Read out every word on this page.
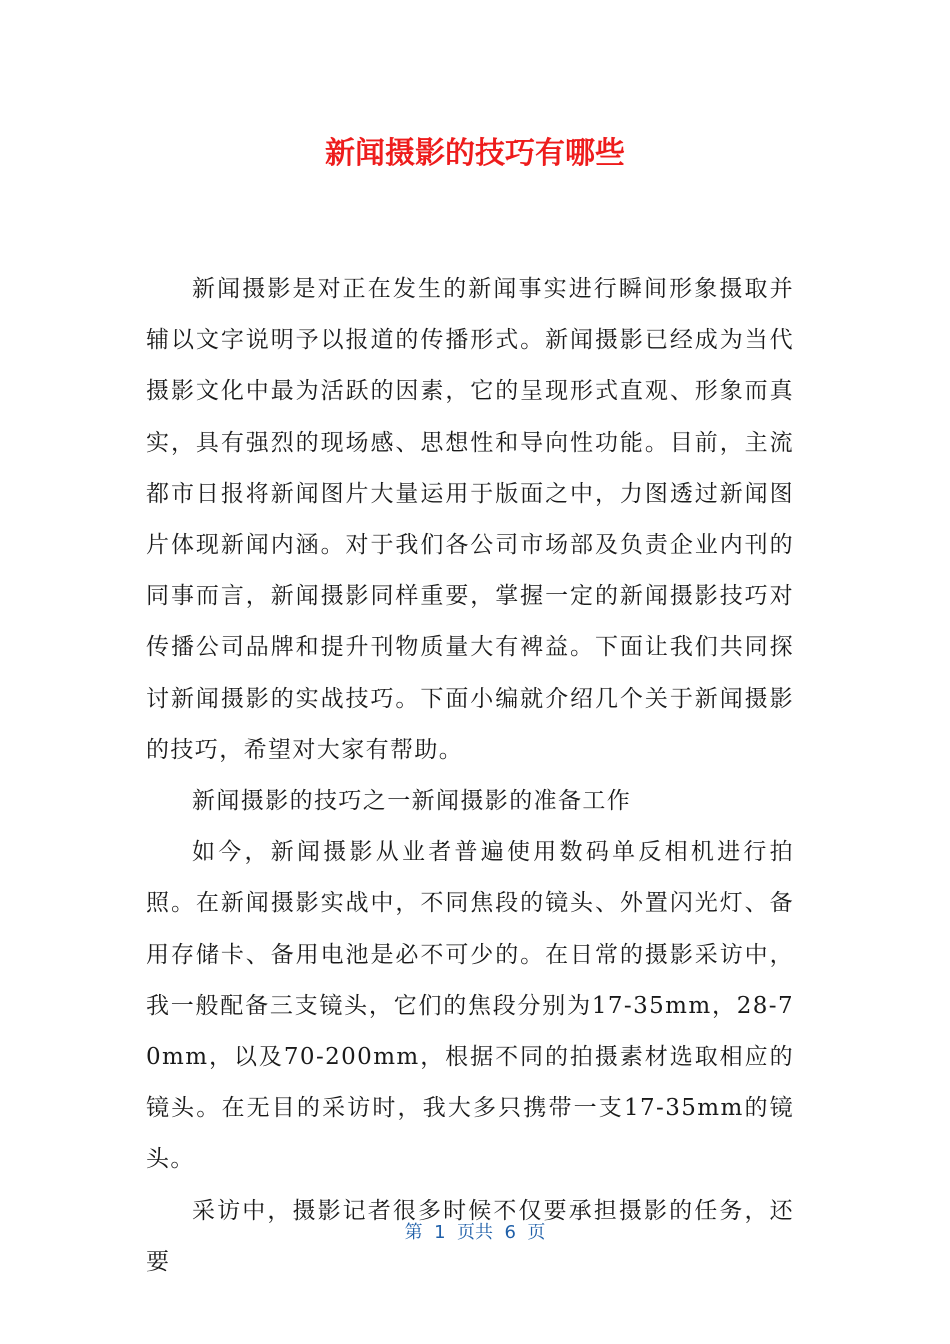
新闻摄影的技巧有哪些

新闻摄影是对正在发生的新闻事实进行瞬间形象摄取并辅以文字说明予以报道的传播形式。新闻摄影已经成为当代摄影文化中最为活跃的因素，它的呈现形式直观、形象而真实，具有强烈的现场感、思想性和导向性功能。目前，主流都市日报将新闻图片大量运用于版面之中，力图透过新闻图片体现新闻内涵。对于我们各公司市场部及负责企业内刊的同事而言，新闻摄影同样重要，掌握一定的新闻摄影技巧对传播公司品牌和提升刊物质量大有裨益。下面让我们共同探讨新闻摄影的实战技巧。下面小编就介绍几个关于新闻摄影的技巧，希望对大家有帮助。

新闻摄影的技巧之一新闻摄影的准备工作

如今，新闻摄影从业者普遍使用数码单反相机进行拍照。在新闻摄影实战中，不同焦段的镜头、外置闪光灯、备用存储卡、备用电池是必不可少的。在日常的摄影采访中，我一般配备三支镜头，它们的焦段分别为17-35mm，28-70mm，以及70-200mm，根据不同的拍摄素材选取相应的镜头。在无目的采访时，我大多只携带一支17-35mm的镜头。

采访中，摄影记者很多时候不仅要承担摄影的任务，还要

第  1  页共  6  页
